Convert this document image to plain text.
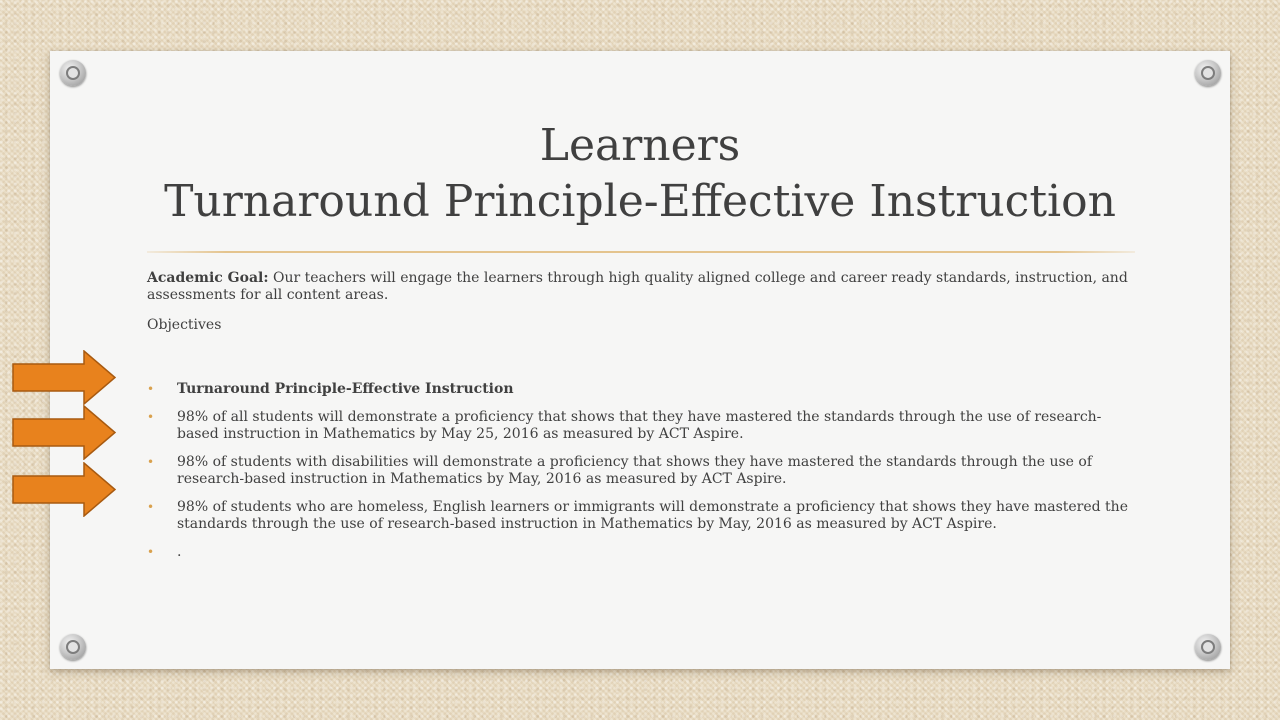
Learners
Turnaround Principle-Effective Instruction

Academic Goal: Our teachers will engage the learners through high quality aligned college and career ready standards, instruction, and assessments for all content areas.

Objectives

• Turnaround Principle-Effective Instruction
• 98% of all students will demonstrate a proficiency that shows that they have mastered the standards through the use of research-based instruction in Mathematics by May 25, 2016 as measured by ACT Aspire.
• 98% of students with disabilities will demonstrate a proficiency that shows they have mastered the standards through the use of research-based instruction in Mathematics by May, 2016 as measured by ACT Aspire.
• 98% of students who are homeless, English learners or immigrants will demonstrate a proficiency that shows they have mastered the standards through the use of research-based instruction in Mathematics by May, 2016 as measured by ACT Aspire.
• .
